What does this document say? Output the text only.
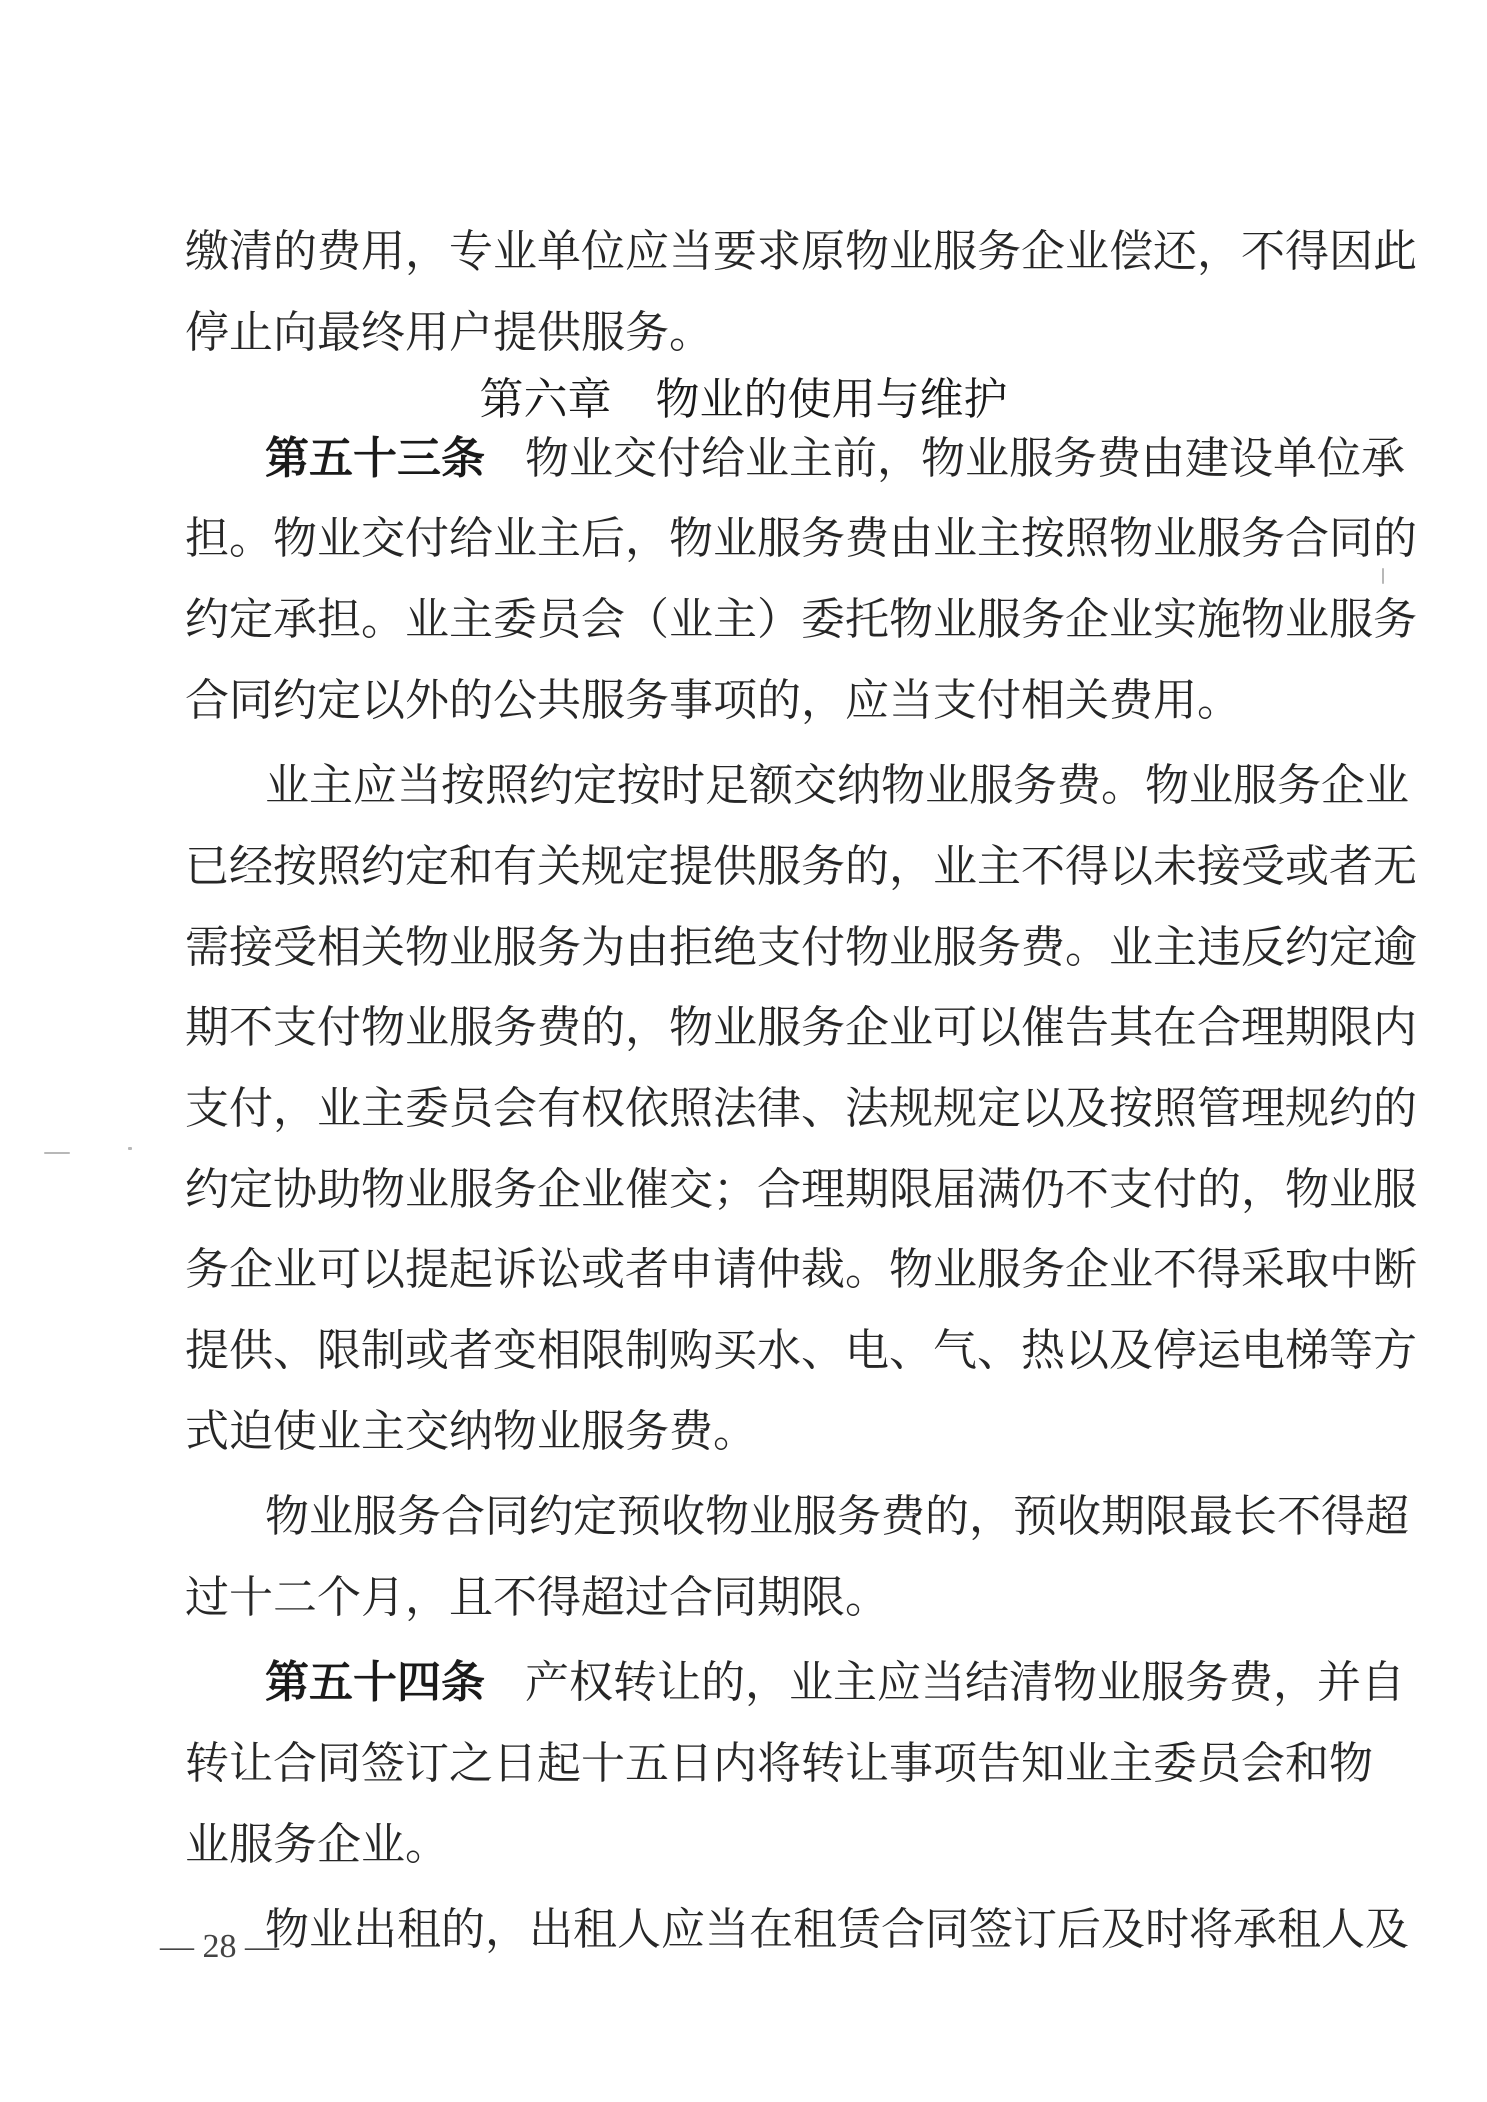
缴清的费用，专业单位应当要求原物业服务企业偿还，不得因此
停止向最终用户提供服务。
第六章　物业的使用与维护
第五十三条 物业交付给业主前，物业服务费由建设单位承
担。物业交付给业主后，物业服务费由业主按照物业服务合同的
约定承担。业主委员会（业主）委托物业服务企业实施物业服务
合同约定以外的公共服务事项的，应当支付相关费用。
业主应当按照约定按时足额交纳物业服务费。物业服务企业
已经按照约定和有关规定提供服务的，业主不得以未接受或者无
需接受相关物业服务为由拒绝支付物业服务费。业主违反约定逾
期不支付物业服务费的，物业服务企业可以催告其在合理期限内
支付，业主委员会有权依照法律、法规规定以及按照管理规约的
约定协助物业服务企业催交；合理期限届满仍不支付的，物业服
务企业可以提起诉讼或者申请仲裁。物业服务企业不得采取中断
提供、限制或者变相限制购买水、电、气、热以及停运电梯等方
式迫使业主交纳物业服务费。
物业服务合同约定预收物业服务费的，预收期限最长不得超
过十二个月，且不得超过合同期限。
第五十四条 产权转让的，业主应当结清物业服务费，并自
转让合同签订之日起十五日内将转让事项告知业主委员会和物
业服务企业。
物业出租的，出租人应当在租赁合同签订后及时将承租人及
— 28 —
